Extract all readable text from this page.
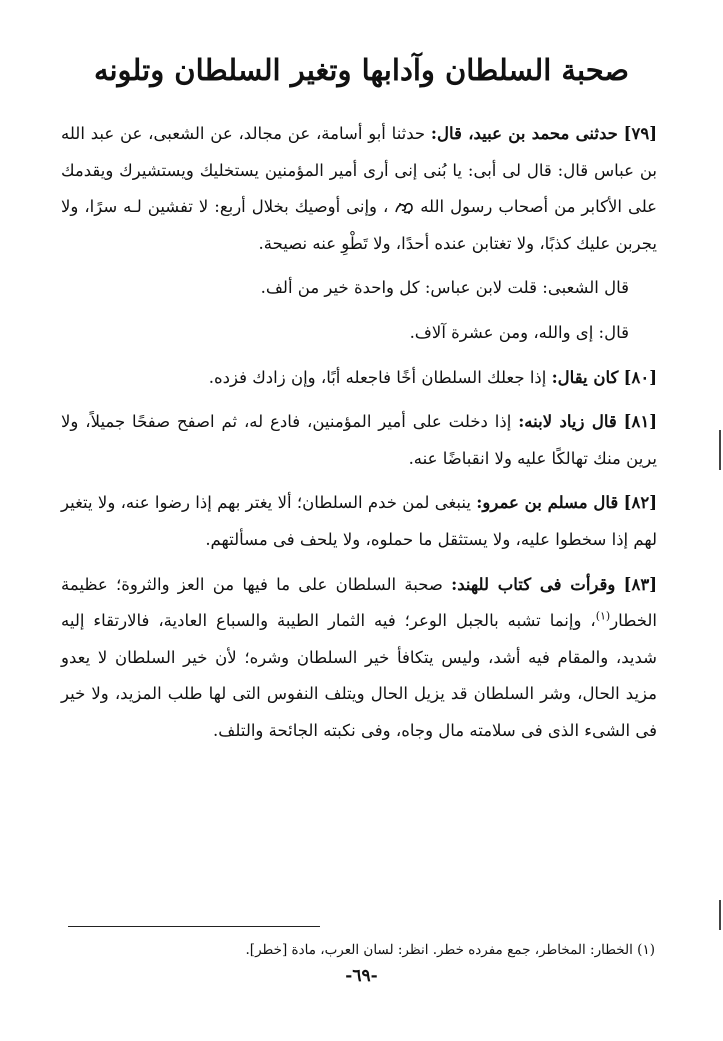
صحبة السلطان وآدابها وتغير السلطان وتلونه

[٧٩] حدثنى محمد بن عبيد، قال: حدثنا أبو أسامة، عن مجالد، عن الشعبى، عن عبد الله بن عباس قال: قال لى أبى: يا بُنى إنى أرى أمير المؤمنين يستخليك ويستشيرك ويقدمك على الأكابر من أصحاب رسول الله  ، وإنى أوصيك بخلال أربع: لا تفشين لـه سرًا، ولا يجربن عليك كذبًا، ولا تغتابن عنده أحدًا، ولا تَطْوِ عنه نصيحة.

قال الشعبى: قلت لابن عباس: كل واحدة خير من ألف.

قال: إى والله، ومن عشرة آلاف.

[٨٠] كان يقال: إذا جعلك السلطان أخًا فاجعله أبًا، وإن زادك فزده.

[٨١] قال زياد لابنه: إذا دخلت على أمير المؤمنين، فادع له، ثم اصفح صفحًا جميلاً، ولا يرين منك تهالكًا عليه ولا انقباضًا عنه.

[٨٢] قال مسلم بن عمرو: ينبغى لمن خدم السلطان؛ ألا يغتر بهم إذا رضوا عنه، ولا يتغير لهم إذا سخطوا عليه، ولا يستثقل ما حملوه، ولا يلحف فى مسألتهم.

[٨٣] وقرأت فى كتاب للهند: صحبة السلطان على ما فيها من العز والثروة؛ عظيمة الخطار$^{(١)}$، وإنما تشبه بالجبل الوعر؛ فيه الثمار الطيبة والسباع العادية، فالارتقاء إليه شديد، والمقام فيه أشد، وليس يتكافأ خير السلطان وشره؛ لأن خير السلطان لا يعدو مزيد الحال، وشر السلطان قد يزيل الحال ويتلف النفوس التى لها طلب المزيد، ولا خير فى الشىء الذى فى سلامته مال وجاه، وفى نكبته الجائحة والتلف.

(١) الخطار: المخاطر، جمع مفرده خطر. انظر: لسان العرب، مادة [خطر].
-٦٩-
